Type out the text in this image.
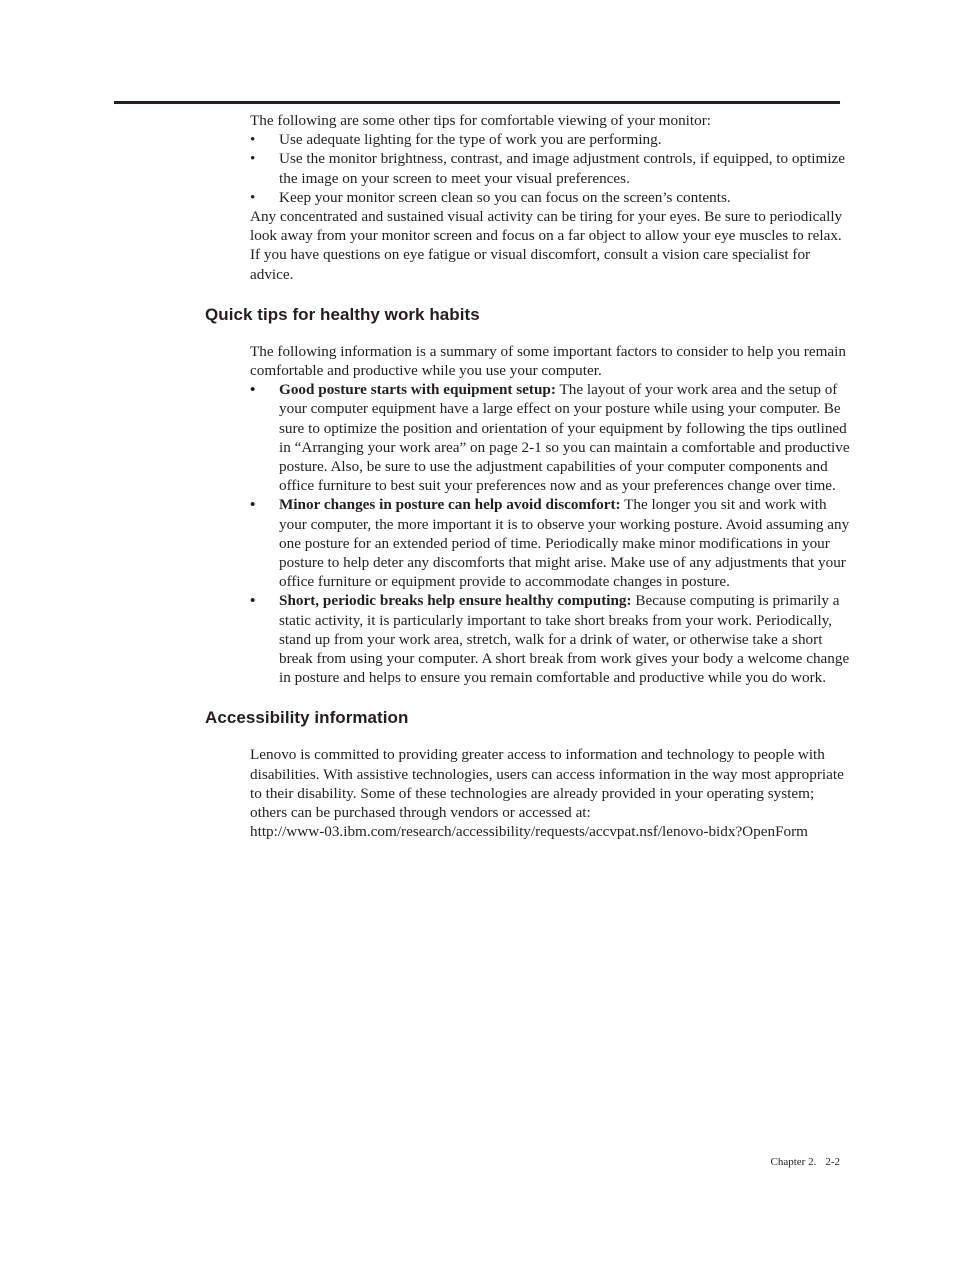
The following are some other tips for comfortable viewing of your monitor:

• Use adequate lighting for the type of work you are performing.
• Use the monitor brightness, contrast, and image adjustment controls, if equipped, to optimize the image on your screen to meet your visual preferences.
• Keep your monitor screen clean so you can focus on the screen’s contents.

Any concentrated and sustained visual activity can be tiring for your eyes. Be sure to periodically look away from your monitor screen and focus on a far object to allow your eye muscles to relax. If you have questions on eye fatigue or visual discomfort, consult a vision care specialist for advice.

Quick tips for healthy work habits

The following information is a summary of some important factors to consider to help you remain comfortable and productive while you use your computer.

• Good posture starts with equipment setup: The layout of your work area and the setup of your computer equipment have a large effect on your posture while using your computer. Be sure to optimize the position and orientation of your equipment by following the tips outlined in “Arranging your work area” on page 2-1 so you can maintain a comfortable and productive posture. Also, be sure to use the adjustment capabilities of your computer components and office furniture to best suit your preferences now and as your preferences change over time.
• Minor changes in posture can help avoid discomfort: The longer you sit and work with your computer, the more important it is to observe your working posture. Avoid assuming any one posture for an extended period of time. Periodically make minor modifications in your posture to help deter any discomforts that might arise. Make use of any adjustments that your office furniture or equipment provide to accommodate changes in posture.
• Short, periodic breaks help ensure healthy computing: Because computing is primarily a static activity, it is particularly important to take short breaks from your work. Periodically, stand up from your work area, stretch, walk for a drink of water, or otherwise take a short break from using your computer. A short break from work gives your body a welcome change in posture and helps to ensure you remain comfortable and productive while you do work.
Accessibility information

Lenovo is committed to providing greater access to information and technology to people with disabilities. With assistive technologies, users can access information in the way most appropriate to their disability. Some of these technologies are already provided in your operating system; others can be purchased through vendors or accessed at:

http://www-03.ibm.com/research/accessibility/requests/accvpat.nsf/lenovo-bidx?OpenForm

Chapter 2. 2-2
